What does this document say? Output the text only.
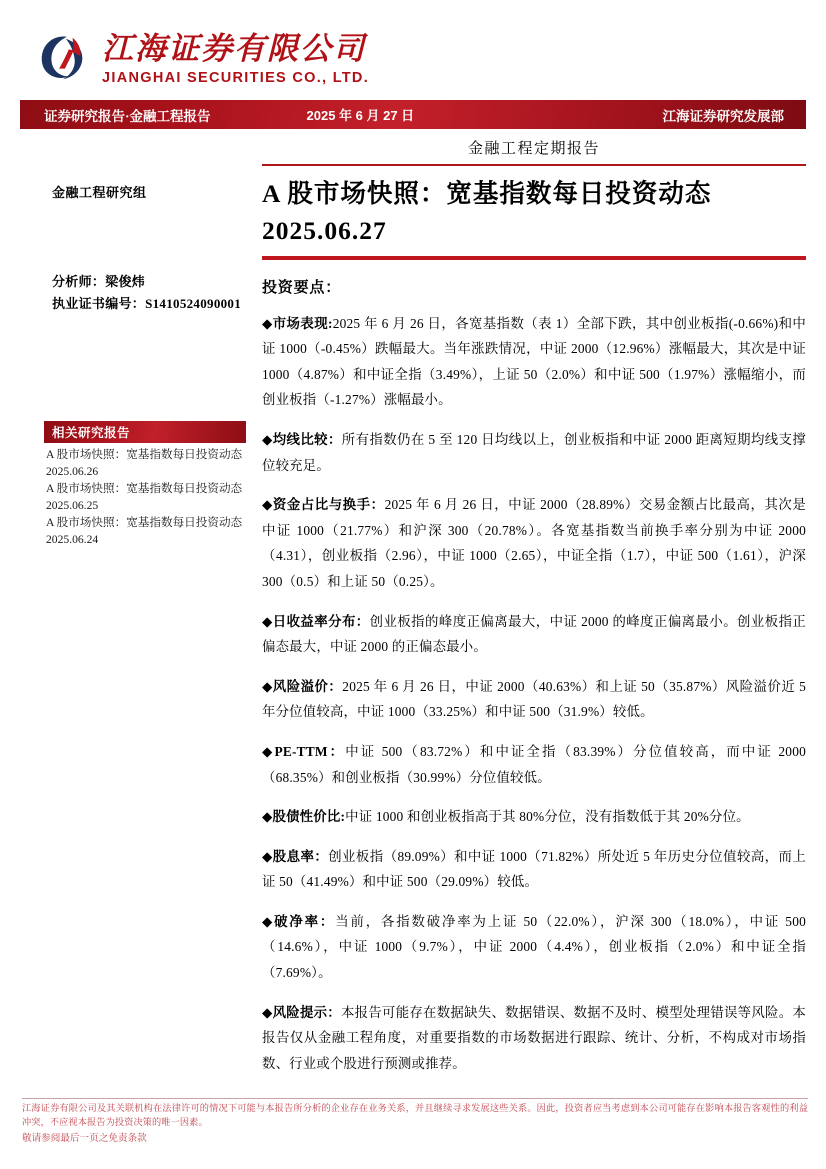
江海证券有限公司
JIANGHAI SECURITIES CO., LTD.
证券研究报告·金融工程报告	2025 年 6 月 27 日	江海证券研究发展部
金融工程研究组
分析师：梁俊炜
执业证书编号：S1410524090001
相关研究报告
A 股市场快照：宽基指数每日投资动态 2025.06.26
A 股市场快照：宽基指数每日投资动态 2025.06.25
A 股市场快照：宽基指数每日投资动态 2025.06.24
金融工程定期报告
A 股市场快照：宽基指数每日投资动态 2025.06.27
投资要点：
◆市场表现:2025 年 6 月 26 日，各宽基指数（表 1）全部下跌，其中创业板指(-0.66%)和中证 1000（-0.45%）跌幅最大。当年涨跌情况，中证 2000（12.96%）涨幅最大，其次是中证 1000（4.87%）和中证全指（3.49%），上证 50（2.0%）和中证 500（1.97%）涨幅缩小，而创业板指（-1.27%）涨幅最小。
◆均线比较：所有指数仍在 5 至 120 日均线以上，创业板指和中证 2000 距离短期均线支撑位较充足。
◆资金占比与换手：2025 年 6 月 26 日，中证 2000（28.89%）交易金额占比最高，其次是中证 1000（21.77%）和沪深 300（20.78%）。各宽基指数当前换手率分别为中证 2000（4.31），创业板指（2.96），中证 1000（2.65），中证全指（1.7），中证 500（1.61），沪深 300（0.5）和上证 50（0.25）。
◆日收益率分布：创业板指的峰度正偏离最大，中证 2000 的峰度正偏离最小。创业板指正偏态最大，中证 2000 的正偏态最小。
◆风险溢价：2025 年 6 月 26 日，中证 2000（40.63%）和上证 50（35.87%）风险溢价近 5 年分位值较高，中证 1000（33.25%）和中证 500（31.9%）较低。
◆PE-TTM：中证 500（83.72%）和中证全指（83.39%）分位值较高，而中证 2000（68.35%）和创业板指（30.99%）分位值较低。
◆股债性价比:中证 1000 和创业板指高于其 80%分位，没有指数低于其 20%分位。
◆股息率：创业板指（89.09%）和中证 1000（71.82%）所处近 5 年历史分位值较高，而上证 50（41.49%）和中证 500（29.09%）较低。
◆破净率：当前，各指数破净率为上证 50（22.0%），沪深 300（18.0%），中证 500（14.6%），中证 1000（9.7%），中证 2000（4.4%），创业板指（2.0%）和中证全指（7.69%）。
◆风险提示：本报告可能存在数据缺失、数据错误、数据不及时、模型处理错误等风险。本报告仅从金融工程角度，对重要指数的市场数据进行跟踪、统计、分析，不构成对市场指数、行业或个股进行预测或推荐。
江海证券有限公司及其关联机构在法律许可的情况下可能与本报告所分析的企业存在业务关系，并且继续寻求发展这些关系。因此，投资者应当考虑到本公司可能存在影响本报告客观性的利益冲突，不应视本报告为投资决策的唯一因素。
敬请参阅最后一页之免责条款
